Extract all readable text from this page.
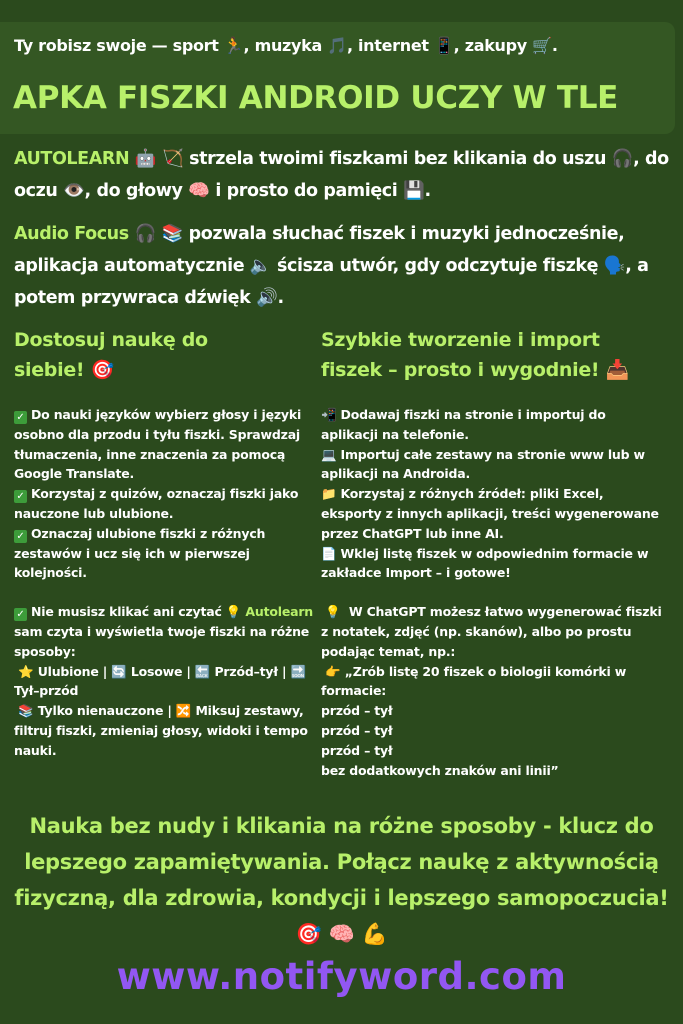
Ty robisz swoje — sport 🏃, muzyka 🎵, internet 📱, zakupy 🛒.
APKA FISZKI ANDROID UCZY W TLE
AUTOLEARN 🤖 🏹 strzela twoimi fiszkami bez klikania do uszu 🎧, do oczu 👁️, do głowy 🧠 i prosto do pamięci 💾.
Audio Focus 🎧 📚 pozwala słuchać fiszek i muzyki jednocześnie, aplikacja automatycznie 🔈 ścisza utwór, gdy odczytuje fiszkę 🗣️, a potem przywraca dźwięk 🔊.
Dostosuj naukę do siebie! 🎯

✓ Do nauki języków wybierz głosy i języki osobno dla przodu i tyłu fiszki. Sprawdzaj tłumaczenia, inne znaczenia za pomocą Google Translate.

✓ Korzystaj z quizów, oznaczaj fiszki jako nauczone lub ulubione.

✓ Oznaczaj ulubione fiszki z różnych zestawów i ucz się ich w pierwszej kolejności.

✓ Nie musisz klikać ani czytać 💡 Autolearn sam czyta i wyświetla twoje fiszki na różne sposoby:

⭐ Ulubione | 🔄 Losowe | 🔙 Przód–tył | 🔜 Tył–przód

📚 Tylko nienauczone | 🔀 Miksuj zestawy, filtruj fiszki, zmieniaj głosy, widoki i tempo nauki.

Szybkie tworzenie i import fiszek – prosto i wygodnie! 📥

📲 Dodawaj fiszki na stronie i importuj do aplikacji na telefonie.

💻 Importuj całe zestawy na stronie www lub w aplikacji na Androida.

📁 Korzystaj z różnych źródeł: pliki Excel, eksporty z innych aplikacji, treści wygenerowane przez ChatGPT lub inne AI.

📄 Wklej listę fiszek w odpowiednim formacie w zakładce Import – i gotowe!

💡 W ChatGPT możesz łatwo wygenerować fiszki z notatek, zdjęć (np. skanów), albo po prostu podając temat, np.:

👉 „Zrób listę 20 fiszek o biologii komórki w formacie:

przód – tył

przód – tył

przód – tył

bez dodatkowych znaków ani linii”

Nauka bez nudy i klikania na różne sposoby - klucz do lepszego zapamiętywania. Połącz naukę z aktywnością fizyczną, dla zdrowia, kondycji i lepszego samopoczucia! 🎯 🧠 💪
www.notifyword.com
